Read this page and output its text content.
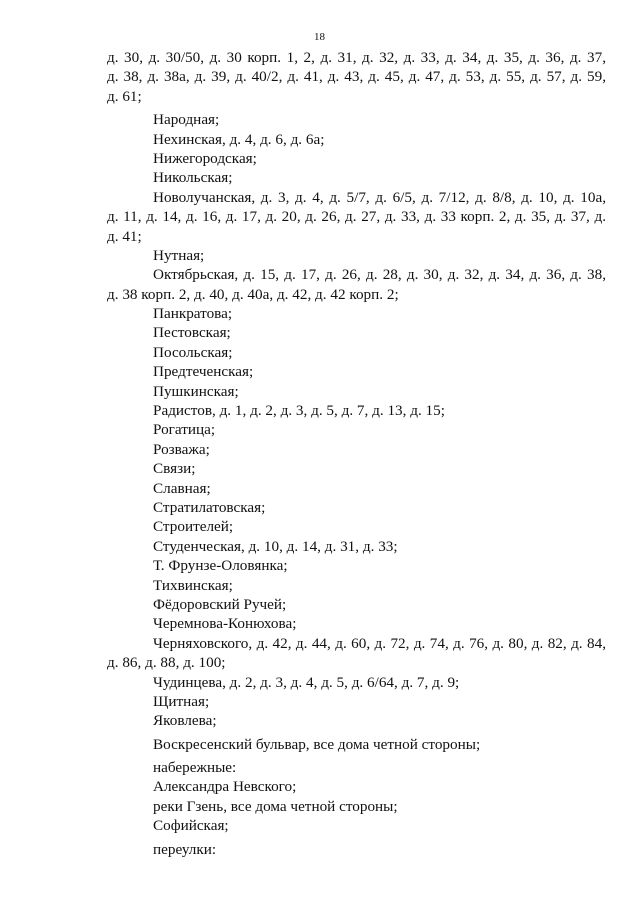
18
д. 30, д. 30/50, д. 30 корп. 1, 2, д. 31, д. 32, д. 33, д. 34, д. 35, д. 36, д. 37,
д. 38, д. 38а, д. 39, д. 40/2, д. 41, д. 43, д. 45, д. 47, д. 53, д. 55, д. 57, д. 59,
д. 61;
Народная;
Нехинская, д. 4, д. 6, д. 6а;
Нижегородская;
Никольская;
Новолучанская, д. 3, д. 4, д. 5/7, д. 6/5, д. 7/12, д. 8/8, д. 10, д. 10а,
д. 11, д. 14, д. 16, д. 17, д. 20, д. 26, д. 27, д. 33, д. 33 корп. 2, д. 35, д. 37, д.
д. 41;
Нутная;
Октябрьская, д. 15, д. 17, д. 26, д. 28, д. 30, д. 32, д. 34, д. 36, д. 38,
д. 38 корп. 2, д. 40, д. 40а, д. 42, д. 42 корп. 2;
Панкратова;
Пестовская;
Посольская;
Предтеченская;
Пушкинская;
Радистов, д. 1, д. 2, д. 3, д. 5, д. 7, д. 13, д. 15;
Рогатица;
Розважа;
Связи;
Славная;
Стратилатовская;
Строителей;
Студенческая, д. 10, д. 14, д. 31, д. 33;
Т. Фрунзе-Оловянка;
Тихвинская;
Фёдоровский Ручей;
Черемнова-Конюхова;
Черняховского, д. 42, д. 44, д. 60, д. 72, д. 74, д. 76, д. 80, д. 82, д. 84,
д. 86, д. 88, д. 100;
Чудинцева, д. 2, д. 3, д. 4, д. 5, д. 6/64, д. 7, д. 9;
Щитная;
Яковлева;
Воскресенский бульвар, все дома четной стороны;
набережные:
Александра Невского;
реки Гзень, все дома четной стороны;
Софийская;
переулки:
